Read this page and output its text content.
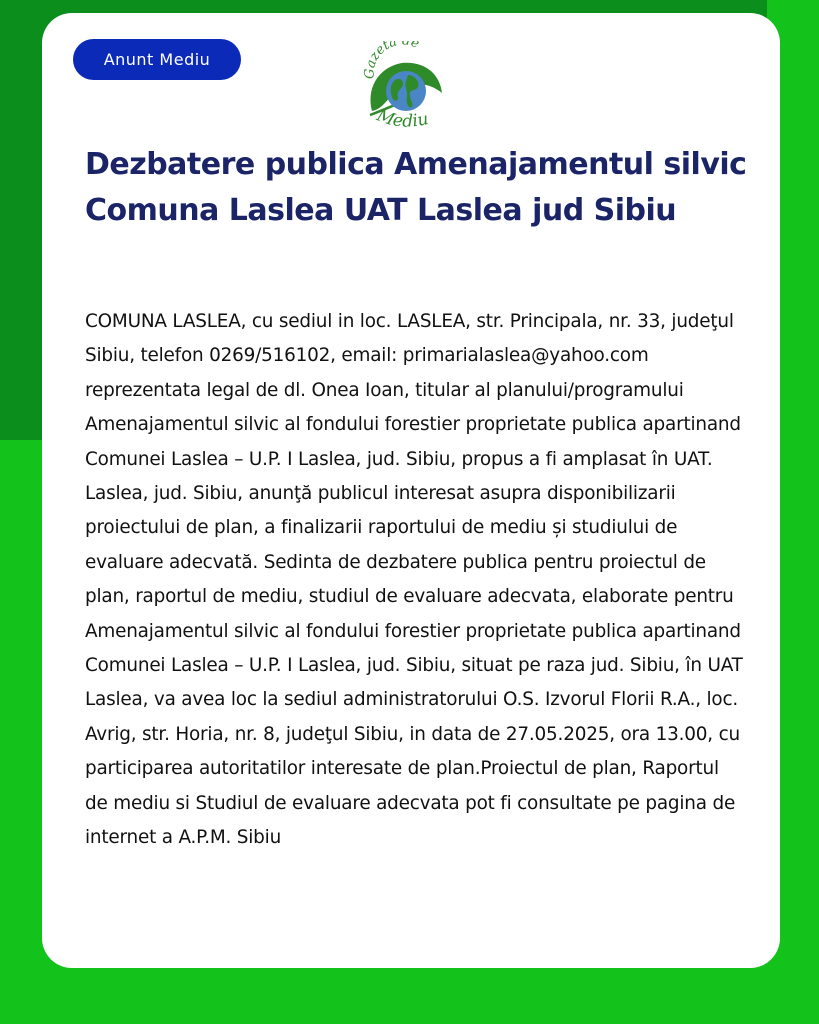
Anunt Mediu
Gazeta de
Mediu
Dezbatere publica Amenajamentul silvic Comuna Laslea UAT Laslea jud Sibiu

COMUNA LASLEA, cu sediul in loc. LASLEA, str. Principala, nr. 33, judeţul Sibiu, telefon 0269/516102, email: primarialaslea@yahoo.com reprezentata legal de dl. Onea Ioan, titular al planului/programului Amenajamentul silvic al fondului forestier proprietate publica apartinand Comunei Laslea – U.P. I Laslea, jud. Sibiu, propus a fi amplasat în UAT. Laslea, jud. Sibiu, anunţă publicul interesat asupra disponibilizarii proiectului de plan, a finalizarii raportului de mediu și studiului de evaluare adecvată. Sedinta de dezbatere publica pentru proiectul de plan, raportul de mediu, studiul de evaluare adecvata, elaborate pentru Amenajamentul silvic al fondului forestier proprietate publica apartinand Comunei Laslea – U.P. I Laslea, jud. Sibiu, situat pe raza jud. Sibiu, în UAT Laslea, va avea loc la sediul administratorului O.S. Izvorul Florii R.A., loc. Avrig, str. Horia, nr. 8, judeţul Sibiu, in data de 27.05.2025, ora 13.00, cu participarea autoritatilor interesate de plan.Proiectul de plan, Raportul de mediu si Studiul de evaluare adecvata pot fi consultate pe pagina de internet a A.P.M. Sibiu
